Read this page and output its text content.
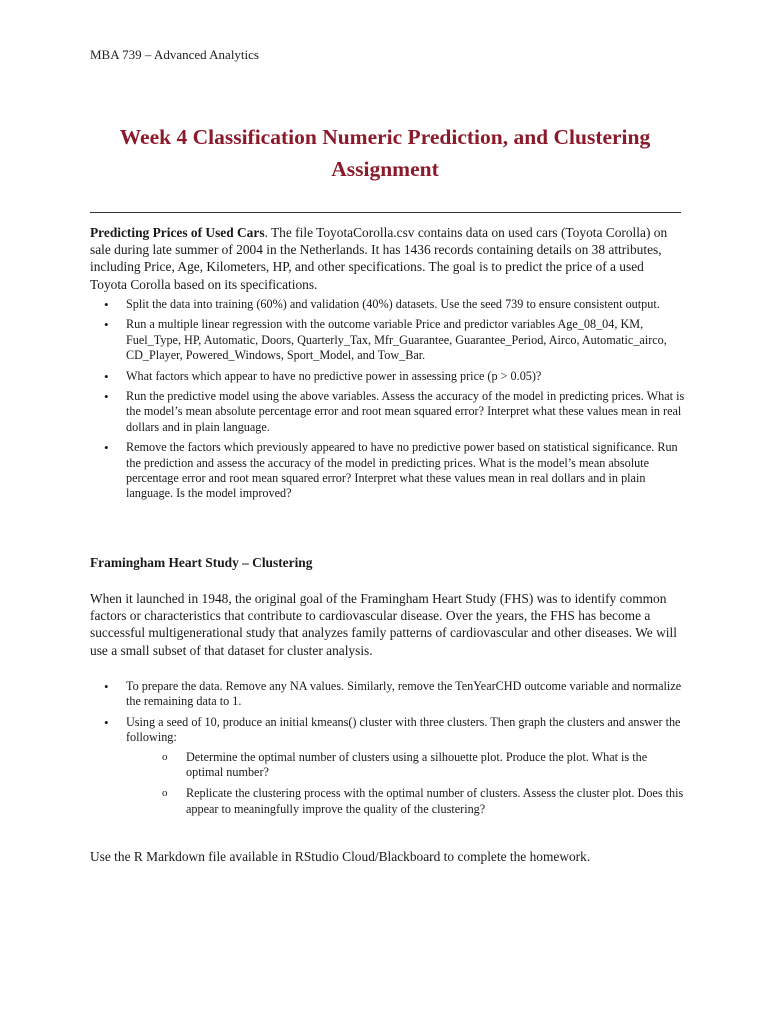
MBA 739 – Advanced Analytics
Week 4 Classification Numeric Prediction, and Clustering
Assignment
Predicting Prices of Used Cars. The file ToyotaCorolla.csv contains data on used cars (Toyota Corolla) on sale during late summer of 2004 in the Netherlands. It has 1436 records containing details on 38 attributes, including Price, Age, Kilometers, HP, and other specifications. The goal is to predict the price of a used Toyota Corolla based on its specifications.
• Split the data into training (60%) and validation (40%) datasets. Use the seed 739 to ensure consistent output.
• Run a multiple linear regression with the outcome variable Price and predictor variables Age_08_04, KM, Fuel_Type, HP, Automatic, Doors, Quarterly_Tax, Mfr_Guarantee, Guarantee_Period, Airco, Automatic_airco, CD_Player, Powered_Windows, Sport_Model, and Tow_Bar.
• What factors which appear to have no predictive power in assessing price (p > 0.05)?
• Run the predictive model using the above variables. Assess the accuracy of the model in predicting prices. What is the model’s mean absolute percentage error and root mean squared error? Interpret what these values mean in real dollars and in plain language.
• Remove the factors which previously appeared to have no predictive power based on statistical significance. Run the prediction and assess the accuracy of the model in predicting prices. What is the model’s mean absolute percentage error and root mean squared error? Interpret what these values mean in real dollars and in plain language. Is the model improved?
Framingham Heart Study – Clustering
When it launched in 1948, the original goal of the Framingham Heart Study (FHS) was to identify common factors or characteristics that contribute to cardiovascular disease. Over the years, the FHS has become a successful multigenerational study that analyzes family patterns of cardiovascular and other diseases. We will use a small subset of that dataset for cluster analysis.
• To prepare the data. Remove any NA values. Similarly, remove the TenYearCHD outcome variable and normalize the remaining data to 1.
• Using a seed of 10, produce an initial kmeans() cluster with three clusters. Then graph the clusters and answer the following:
o Determine the optimal number of clusters using a silhouette plot. Produce the plot. What is the optimal number?
o Replicate the clustering process with the optimal number of clusters. Assess the cluster plot. Does this appear to meaningfully improve the quality of the clustering?
Use the R Markdown file available in RStudio Cloud/Blackboard to complete the homework.
